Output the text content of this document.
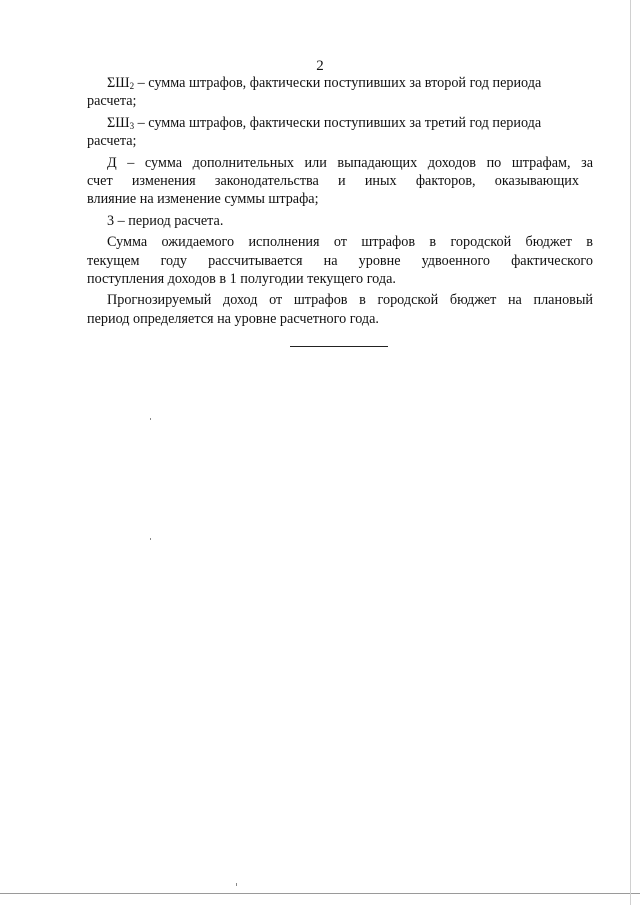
2

$\Sigma Ш_2$ – сумма штрафов, фактически поступивших за второй год периода
расчета;

$\Sigma Ш_3$ – сумма штрафов, фактически поступивших за третий год периода
расчета;

Д – сумма дополнительных или выпадающих доходов по штрафам, за
счет изменения законодательства и иных факторов, оказывающих
влияние на изменение суммы штрафа;

3 – период расчета.

Сумма ожидаемого исполнения от штрафов в городской бюджет в
текущем году рассчитывается на уровне удвоенного фактического
поступления доходов в 1 полугодии текущего года.

Прогнозируемый доход от штрафов в городской бюджет на плановый
период определяется на уровне расчетного года.
